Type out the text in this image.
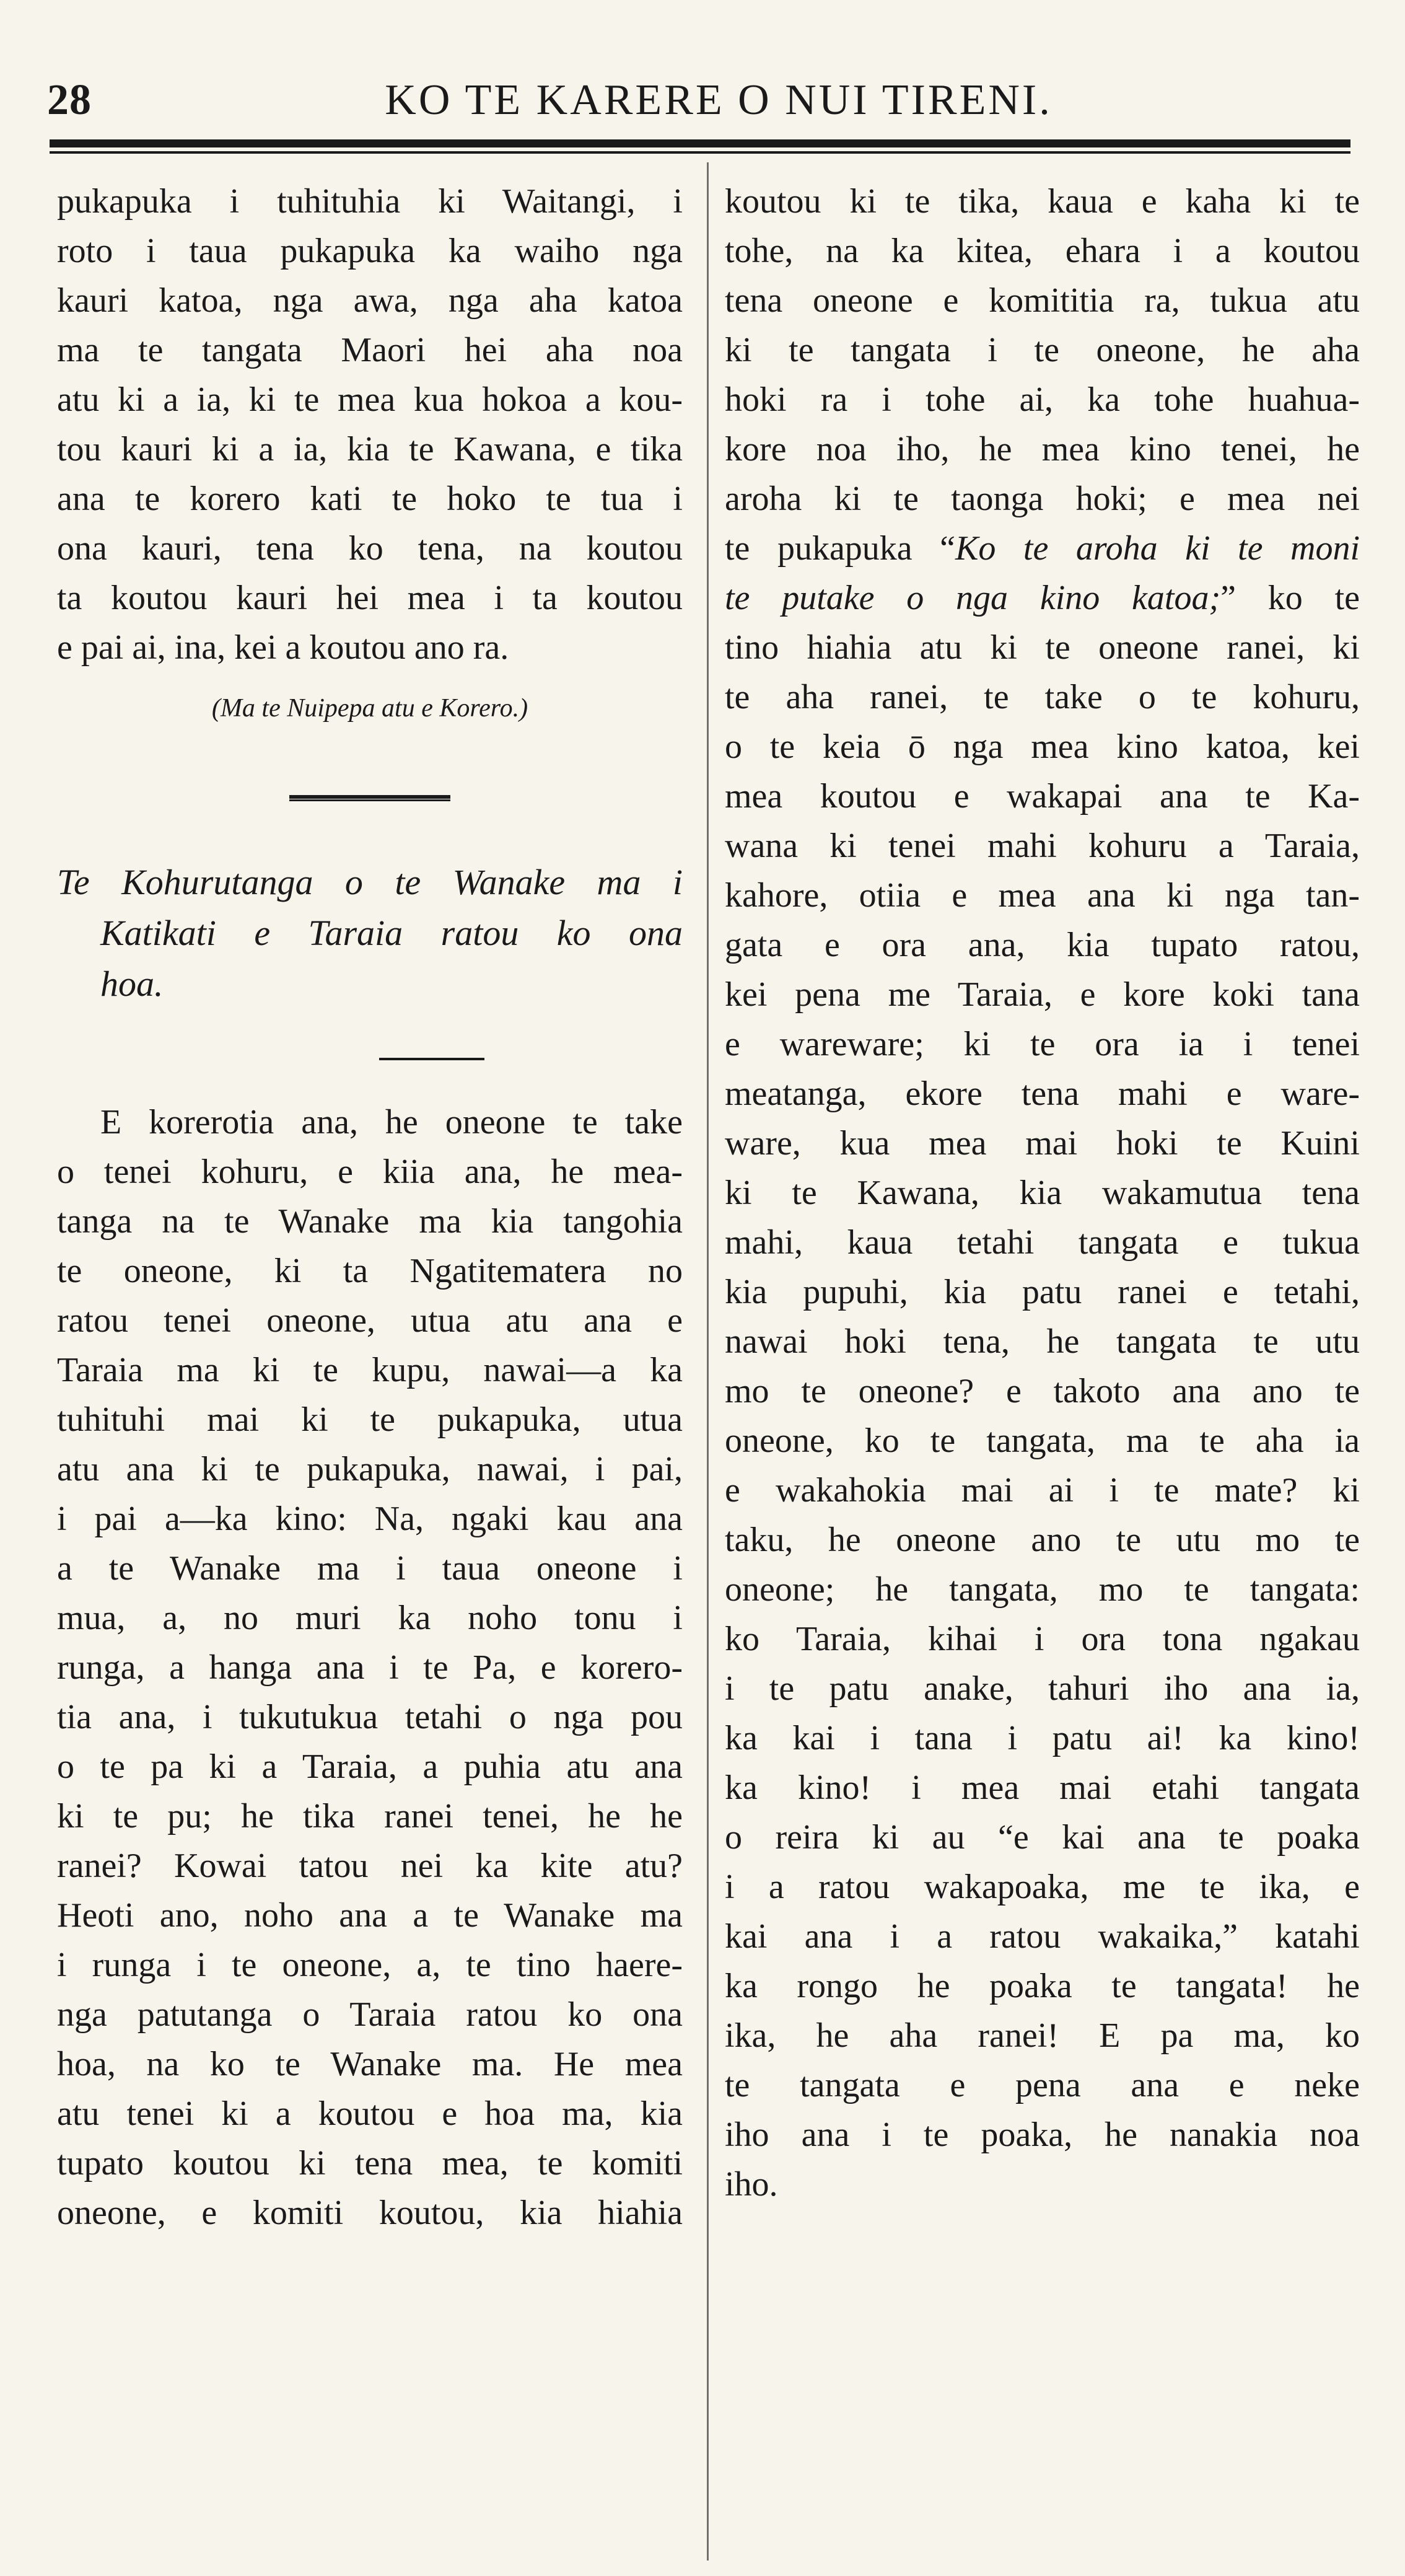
28	KO TE KARERE O NUI TIRENI.
pukapuka i tuhituhia ki Waitangi, i
roto i taua pukapuka ka waiho nga
kauri katoa, nga awa, nga aha katoa
ma te tangata Maori hei aha noa
atu ki a ia, ki te mea kua hokoa a kou-
tou kauri ki a ia, kia te Kawana, e tika
ana te korero kati te hoko te tua i
ona kauri, tena ko tena, na koutou
ta koutou kauri hei mea i ta koutou
e pai ai, ina, kei a koutou ano ra.
(Ma te Nuipepa atu e Korero.)
Te Kohurutanga o te Wanake ma i
Katikati e Taraia ratou ko ona
hoa.
E korerotia ana, he oneone te take
o tenei kohuru, e kiia ana, he mea-
tanga na te Wanake ma kia tangohia
te oneone, ki ta Ngatitematera no
ratou tenei oneone, utua atu ana e
Taraia ma ki te kupu, nawai—a ka
tuhituhi mai ki te pukapuka, utua
atu ana ki te pukapuka, nawai, i pai,
i pai a—ka kino: Na, ngaki kau ana
a te Wanake ma i taua oneone i
mua, a, no muri ka noho tonu i
runga, a hanga ana i te Pa, e korero-
tia ana, i tukutukua tetahi o nga pou
o te pa ki a Taraia, a puhia atu ana
ki te pu; he tika ranei tenei, he he
ranei? Kowai tatou nei ka kite atu?
Heoti ano, noho ana a te Wanake ma
i runga i te oneone, a, te tino haere-
nga patutanga o Taraia ratou ko ona
hoa, na ko te Wanake ma. He mea
atu tenei ki a koutou e hoa ma, kia
tupato koutou ki tena mea, te komiti
oneone, e komiti koutou, kia hiahia
koutou ki te tika, kaua e kaha ki te
tohe, na ka kitea, ehara i a koutou
tena oneone e komititia ra, tukua atu
ki te tangata i te oneone, he aha
hoki ra i tohe ai, ka tohe huahua-
kore noa iho, he mea kino tenei, he
aroha ki te taonga hoki; e mea nei
te pukapuka “Ko te aroha ki te moni
te putake o nga kino katoa;” ko te
tino hiahia atu ki te oneone ranei, ki
te aha ranei, te take o te kohuru,
o te keia ō nga mea kino katoa, kei
mea koutou e wakapai ana te Ka-
wana ki tenei mahi kohuru a Taraia,
kahore, otiia e mea ana ki nga tan-
gata e ora ana, kia tupato ratou,
kei pena me Taraia, e kore koki tana
e wareware; ki te ora ia i tenei
meatanga, ekore tena mahi e ware-
ware, kua mea mai hoki te Kuini
ki te Kawana, kia wakamutua tena
mahi, kaua tetahi tangata e tukua
kia pupuhi, kia patu ranei e tetahi,
nawai hoki tena, he tangata te utu
mo te oneone? e takoto ana ano te
oneone, ko te tangata, ma te aha ia
e wakahokia mai ai i te mate? ki
taku, he oneone ano te utu mo te
oneone; he tangata, mo te tangata:
ko Taraia, kihai i ora tona ngakau
i te patu anake, tahuri iho ana ia,
ka kai i tana i patu ai! ka kino!
ka kino! i mea mai etahi tangata
o reira ki au “e kai ana te poaka
i a ratou wakapoaka, me te ika, e
kai ana i a ratou wakaika,” katahi
ka rongo he poaka te tangata! he
ika, he aha ranei! E pa ma, ko
te tangata e pena ana e neke
iho ana i te poaka, he nanakia noa
iho.
